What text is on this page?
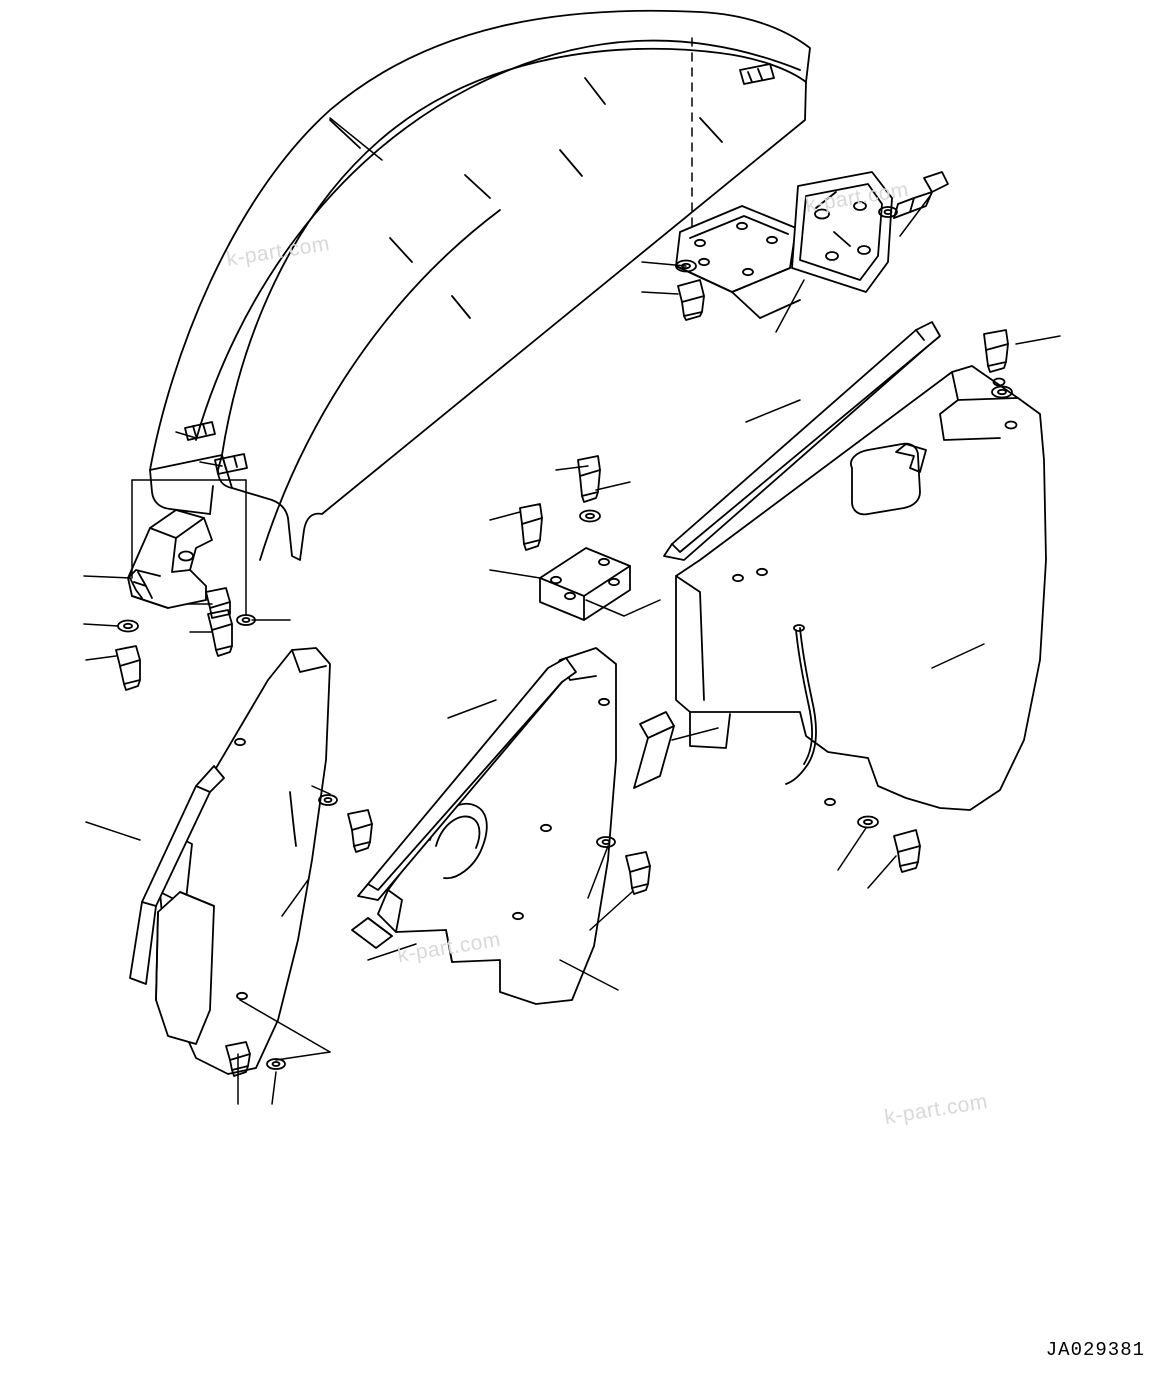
k-part.com
k-part.com
k-part.com
k-part.com
JA029381
